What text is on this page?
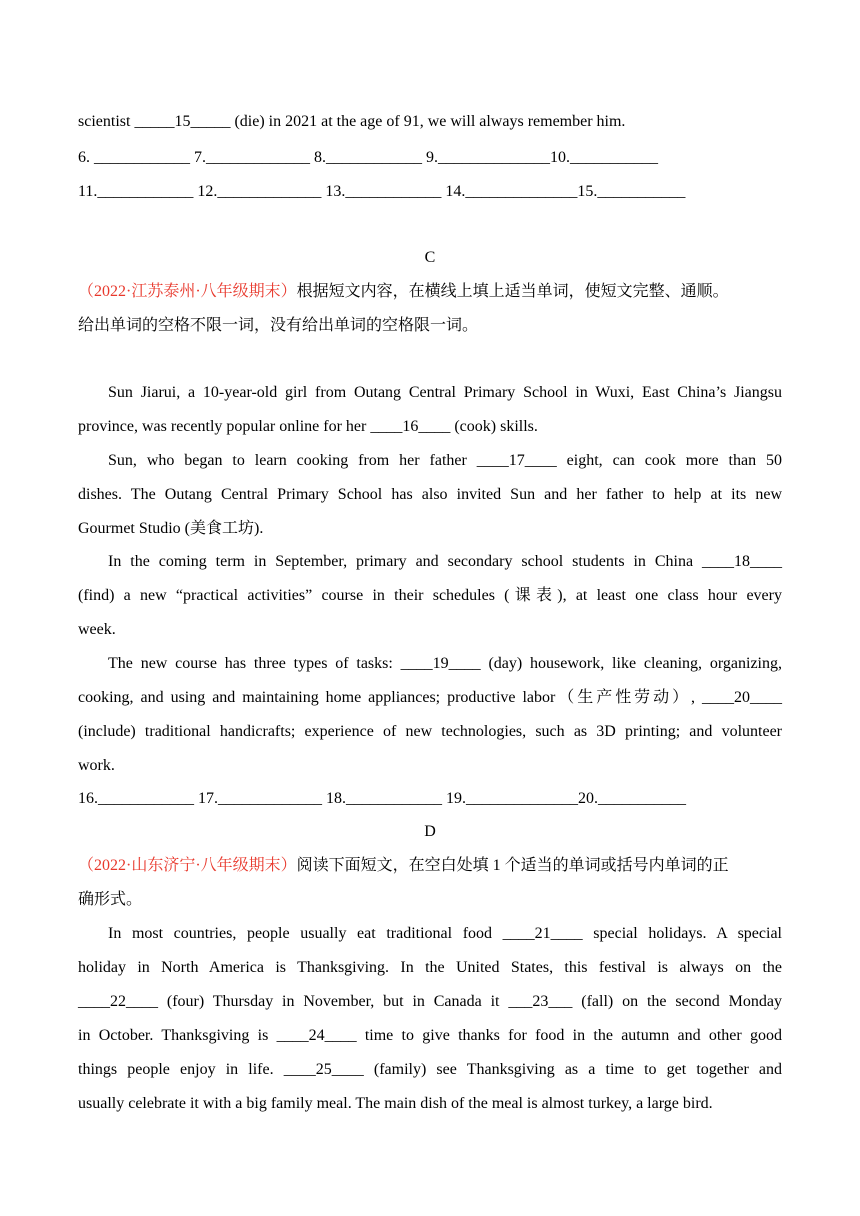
scientist _____15_____ (die) in 2021 at the age of 91, we will always remember him.
6. ____________ 7._____________ 8.____________ 9.______________10.___________
11.____________ 12._____________ 13.____________ 14.______________15.___________
C
（2022·江苏泰州·八年级期末）根据短文内容，在横线上填上适当单词，使短文完整、通顺。
给出单词的空格不限一词，没有给出单词的空格限一词。
Sun Jiarui, a 10-year-old girl from Outang Central Primary School in Wuxi, East China’s Jiangsu
province, was recently popular online for her ____16____ (cook) skills.
Sun, who began to learn cooking from her father ____17____ eight, can cook more than 50
dishes. The Outang Central Primary School has also invited Sun and her father to help at its new
Gourmet Studio (美食工坊).
In the coming term in September, primary and secondary school students in China ____18____
(find) a new “practical activities” course in their schedules (课表), at least one class hour every
week.
The new course has three types of tasks: ____19____ (day) housework, like cleaning, organizing,
cooking, and using and maintaining home appliances; productive labor（生产性劳动）, ____20____
(include) traditional handicrafts; experience of new technologies, such as 3D printing; and volunteer
work.
16.____________ 17._____________ 18.____________ 19.______________20.___________
D
（2022·山东济宁·八年级期末）阅读下面短文，在空白处填 1 个适当的单词或括号内单词的正
确形式。
In most countries, people usually eat traditional food ____21____ special holidays. A special
holiday in North America is Thanksgiving. In the United States, this festival is always on the
____22____ (four) Thursday in November, but in Canada it ___23___ (fall) on the second Monday
in October. Thanksgiving is ____24____ time to give thanks for food in the autumn and other good
things people enjoy in life. ____25____ (family) see Thanksgiving as a time to get together and
usually celebrate it with a big family meal. The main dish of the meal is almost turkey, a large bird.
